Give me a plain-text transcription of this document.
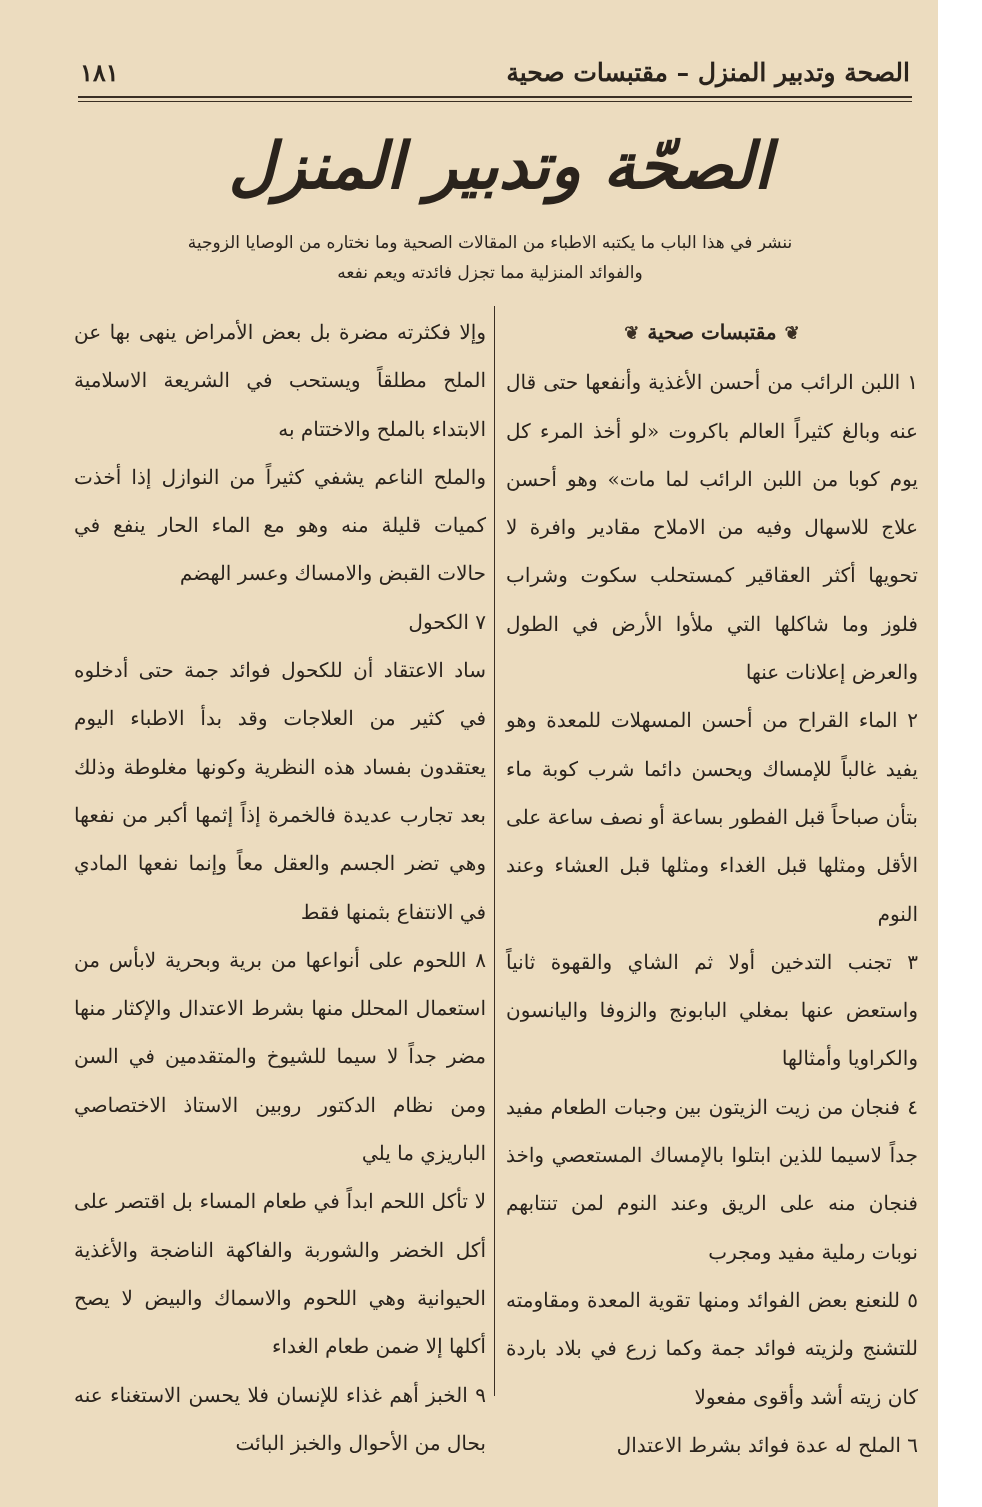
الصحة وتدبير المنزل – مقتبسات صحية
١٨١
الصحّة وتدبير المنزل

ننشر في هذا الباب ما يكتبه الاطباء من المقالات الصحية وما نختاره من الوصايا الزوجية

والفوائد المنزلية مما تجزل فائدته ويعم نفعه

❦مقتبسات صحية❦

١ اللبن الرائب من أحسن الأغذية وأنفعها حتى قال عنه وبالغ كثيراً العالم باكروت «لو أخذ المرء كل يوم كوبا من اللبن الرائب لما مات» وهو أحسن علاج للاسهال وفيه من الاملاح مقادير وافرة لا تحويها أكثر العقاقير كمستحلب سكوت وشراب فلوز وما شاكلها التي ملأوا الأرض في الطول والعرض إعلانات عنها

٢ الماء القراح من أحسن المسهلات للمعدة وهو يفيد غالباً للإمساك ويحسن دائما شرب كوبة ماء بتأن صباحاً قبل الفطور بساعة أو نصف ساعة على الأقل ومثلها قبل الغداء ومثلها قبل العشاء وعند النوم

٣ تجنب التدخين أولا ثم الشاي والقهوة ثانياً واستعض عنها بمغلي البابونج والزوفا واليانسون والكراويا وأمثالها

٤ فنجان من زيت الزيتون بين وجبات الطعام مفيد جداً لاسيما للذين ابتلوا بالإمساك المستعصي واخذ فنجان منه على الريق وعند النوم لمن تنتابهم نوبات رملية مفيد ومجرب

٥ للنعنع بعض الفوائد ومنها تقوية المعدة ومقاومته للتشنج ولزيته فوائد جمة وكما زرع في بلاد باردة كان زيته أشد وأقوى مفعولا

٦ الملح له عدة فوائد بشرط الاعتدال

وإلا فكثرته مضرة بل بعض الأمراض ينهى بها عن الملح مطلقاً ويستحب في الشريعة الاسلامية الابتداء بالملح والاختتام به

والملح الناعم يشفي كثيراً من النوازل إذا أخذت كميات قليلة منه وهو مع الماء الحار ينفع في حالات القبض والامساك وعسر الهضم

٧ الكحول

ساد الاعتقاد أن للكحول فوائد جمة حتى أدخلوه في كثير من العلاجات وقد بدأ الاطباء اليوم يعتقدون بفساد هذه النظرية وكونها مغلوطة وذلك بعد تجارب عديدة فالخمرة إذاً إثمها أكبر من نفعها وهي تضر الجسم والعقل معاً وإنما نفعها المادي في الانتفاع بثمنها فقط

٨ اللحوم على أنواعها من برية وبحرية لابأس من استعمال المحلل منها بشرط الاعتدال والإكثار منها مضر جداً لا سيما للشيوخ والمتقدمين في السن ومن نظام الدكتور روبين الاستاذ الاختصاصي الباريزي ما يلي

لا تأكل اللحم ابداً في طعام المساء بل اقتصر على أكل الخضر والشوربة والفاكهة الناضجة والأغذية الحيوانية وهي اللحوم والاسماك والبيض لا يصح أكلها إلا ضمن طعام الغداء

٩ الخبز أهم غذاء للإنسان فلا يحسن الاستغناء عنه بحال من الأحوال والخبز البائت
